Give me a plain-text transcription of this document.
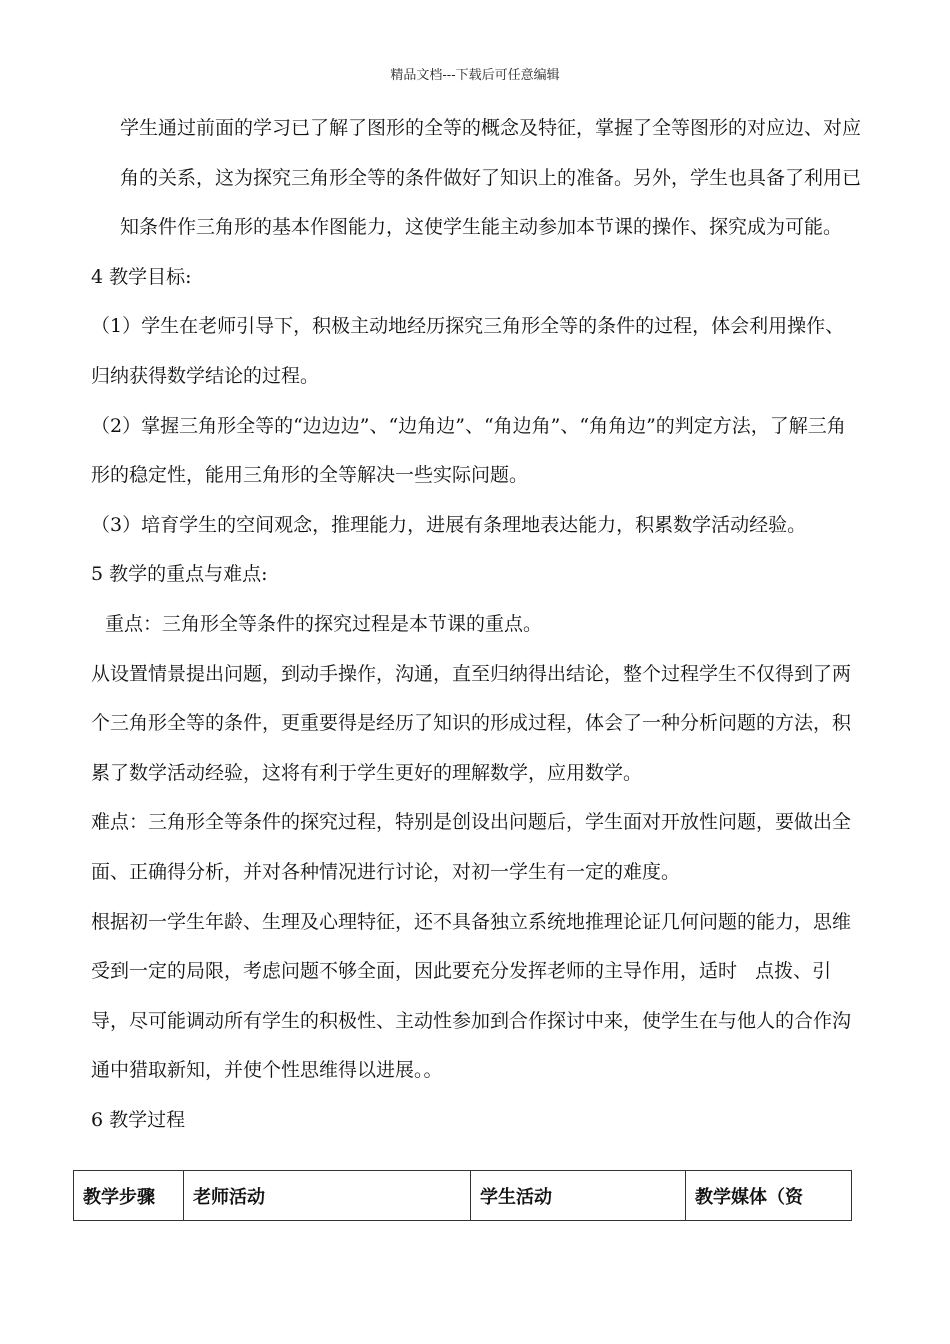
精品文档---下载后可任意编辑

学生通过前面的学习已了解了图形的全等的概念及特征，掌握了全等图形的对应边、对应角的关系，这为探究三角形全等的条件做好了知识上的准备。另外，学生也具备了利用已知条件作三角形的基本作图能力，这使学生能主动参加本节课的操作、探究成为可能。

4 教学目标:

（1）学生在老师引导下，积极主动地经历探究三角形全等的条件的过程，体会利用操作、归纳获得数学结论的过程。

（2）掌握三角形全等的“边边边”、“边角边”、“角边角”、“角角边”的判定方法，了解三角形的稳定性，能用三角形的全等解决一些实际问题。

（3）培育学生的空间观念，推理能力，进展有条理地表达能力，积累数学活动经验。

5 教学的重点与难点:

重点：三角形全等条件的探究过程是本节课的重点。

从设置情景提出问题，到动手操作，沟通，直至归纳得出结论，整个过程学生不仅得到了两个三角形全等的条件，更重要得是经历了知识的形成过程，体会了一种分析问题的方法，积累了数学活动经验，这将有利于学生更好的理解数学，应用数学。

难点：三角形全等条件的探究过程，特别是创设出问题后，学生面对开放性问题，要做出全面、正确得分析，并对各种情况进行讨论，对初一学生有一定的难度。

根据初一学生年龄、生理及心理特征，还不具备独立系统地推理论证几何问题的能力，思维受到一定的局限，考虑问题不够全面，因此要充分发挥老师的主导作用，适时   点拨、引导，尽可能调动所有学生的积极性、主动性参加到合作探讨中来，使学生在与他人的合作沟通中猎取新知，并使个性思维得以进展。。

6 教学过程

教学步骤	老师活动	学生活动	教学媒体（资
